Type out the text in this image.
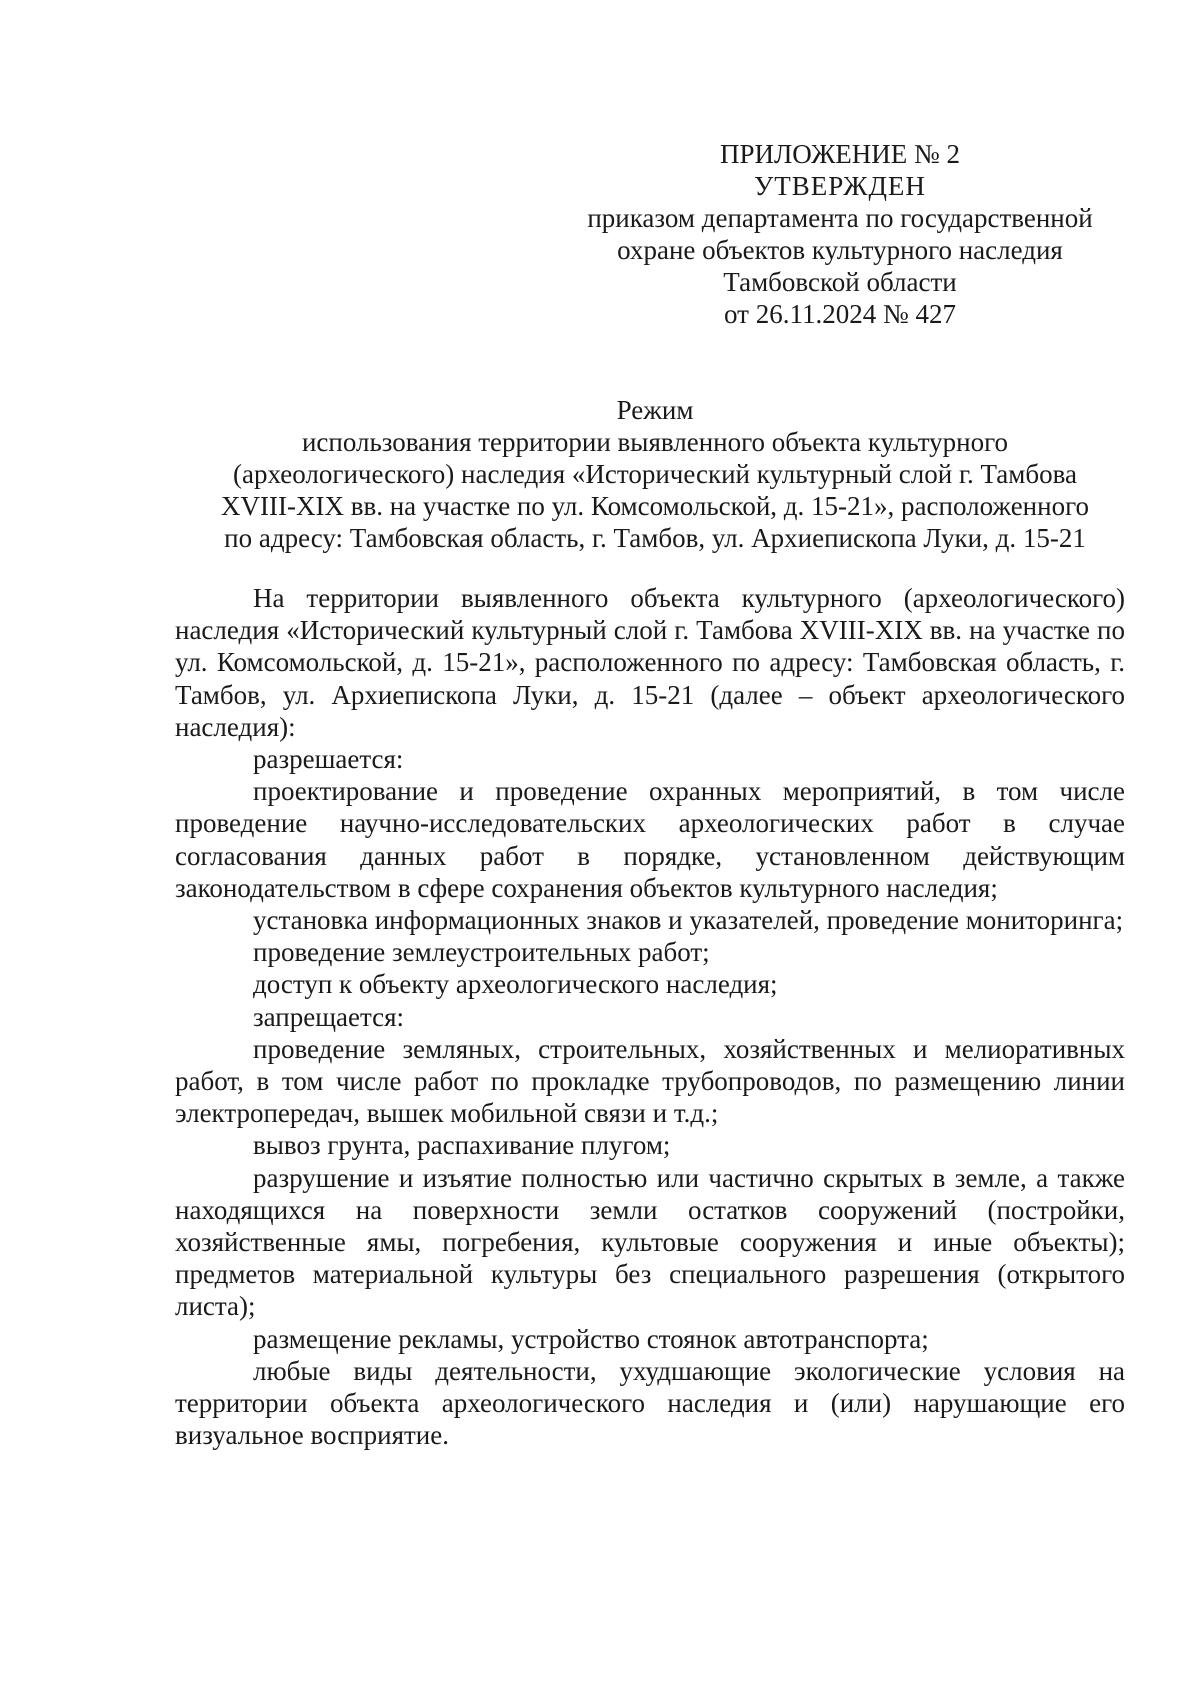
ПРИЛОЖЕНИЕ № 2
УТВЕРЖДЕН
приказом департамента по государственной
охране объектов культурного наследия
Тамбовской области
от 26.11.2024 № 427
Режим
использования территории выявленного объекта культурного
(археологического) наследия «Исторический культурный слой г. Тамбова
XVIII-XIX вв. на участке по ул. Комсомольской, д. 15-21», расположенного
по адресу: Тамбовская область, г. Тамбов, ул. Архиепископа Луки, д. 15-21

На территории выявленного объекта культурного (археологического) наследия «Исторический культурный слой г. Тамбова XVIII-XIX вв. на участке по ул. Комсомольской, д. 15-21», расположенного по адресу: Тамбовская область, г. Тамбов, ул. Архиепископа Луки, д. 15-21 (далее – объект археологического наследия):

разрешается:

проектирование и проведение охранных мероприятий, в том числе проведение научно-исследовательских археологических работ в случае согласования данных работ в порядке, установленном действующим законодательством в сфере сохранения объектов культурного наследия;

установка информационных знаков и указателей, проведение мониторинга;

проведение землеустроительных работ;

доступ к объекту археологического наследия;

запрещается:

проведение земляных, строительных, хозяйственных и мелиоративных работ, в том числе работ по прокладке трубопроводов, по размещению линии электропередач, вышек мобильной связи и т.д.;

вывоз грунта, распахивание плугом;

разрушение и изъятие полностью или частично скрытых в земле, а также находящихся на поверхности земли остатков сооружений (постройки, хозяйственные ямы, погребения, культовые сооружения и иные объекты); предметов материальной культуры без специального разрешения (открытого листа);

размещение рекламы, устройство стоянок автотранспорта;

любые виды деятельности, ухудшающие экологические условия на территории объекта археологического наследия и (или) нарушающие его визуальное восприятие.
